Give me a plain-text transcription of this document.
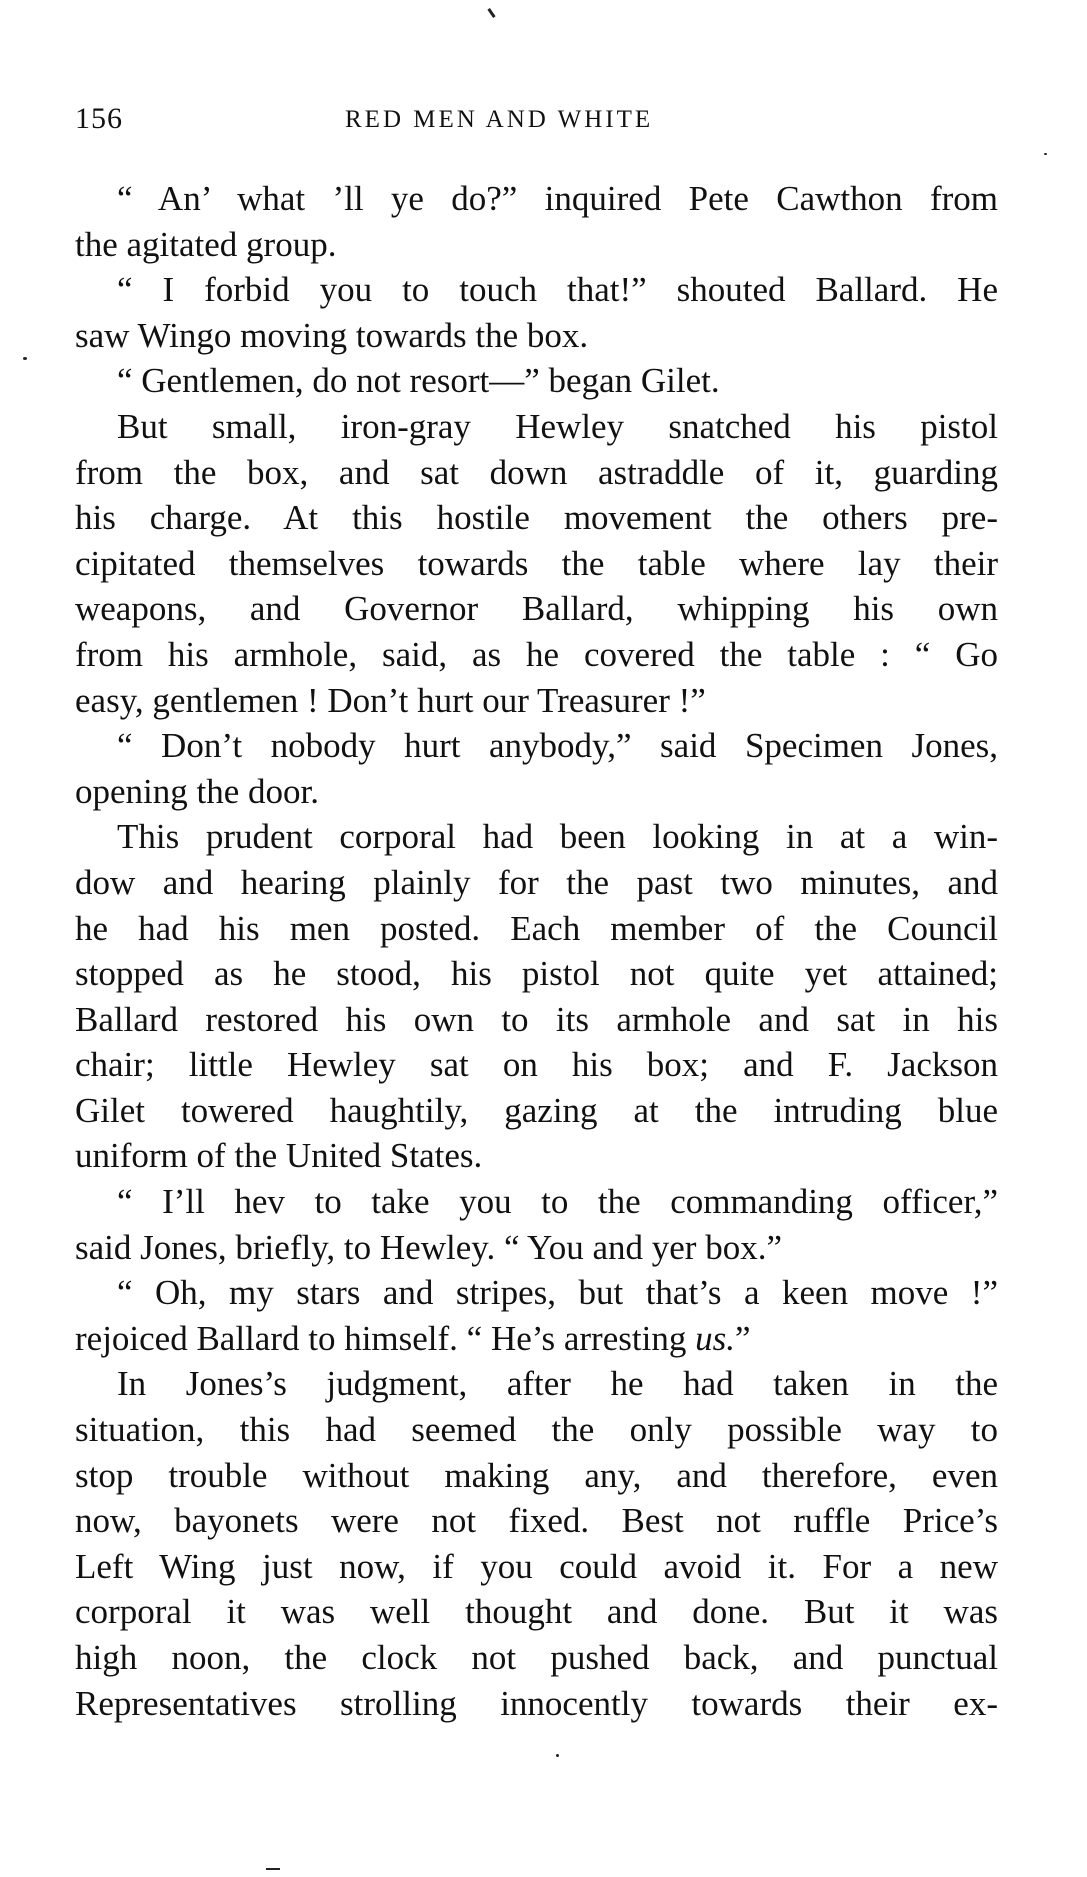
156	RED MEN AND WHITE
“ An’ what ’ll ye do?” inquired Pete Cawthon from
the agitated group.
“ I forbid you to touch that!” shouted Ballard. He
saw Wingo moving towards the box.
“ Gentlemen, do not resort—” began Gilet.
But small, iron-gray Hewley snatched his pistol
from the box, and sat down astraddle of it, guarding
his charge. At this hostile movement the others pre-
cipitated themselves towards the table where lay their
weapons, and Governor Ballard, whipping his own
from his armhole, said, as he covered the table : “ Go
easy, gentlemen ! Don’t hurt our Treasurer !”
“ Don’t nobody hurt anybody,” said Specimen Jones,
opening the door.
This prudent corporal had been looking in at a win-
dow and hearing plainly for the past two minutes, and
he had his men posted. Each member of the Council
stopped as he stood, his pistol not quite yet attained;
Ballard restored his own to its armhole and sat in his
chair; little Hewley sat on his box; and F. Jackson
Gilet towered haughtily, gazing at the intruding blue
uniform of the United States.
“ I’ll hev to take you to the commanding officer,”
said Jones, briefly, to Hewley. “ You and yer box.”
“ Oh, my stars and stripes, but that’s a keen move !”
rejoiced Ballard to himself. “ He’s arresting us.”
In Jones’s judgment, after he had taken in the
situation, this had seemed the only possible way to
stop trouble without making any, and therefore, even
now, bayonets were not fixed. Best not ruffle Price’s
Left Wing just now, if you could avoid it. For a new
corporal it was well thought and done. But it was
high noon, the clock not pushed back, and punctual
Representatives strolling innocently towards their ex-
